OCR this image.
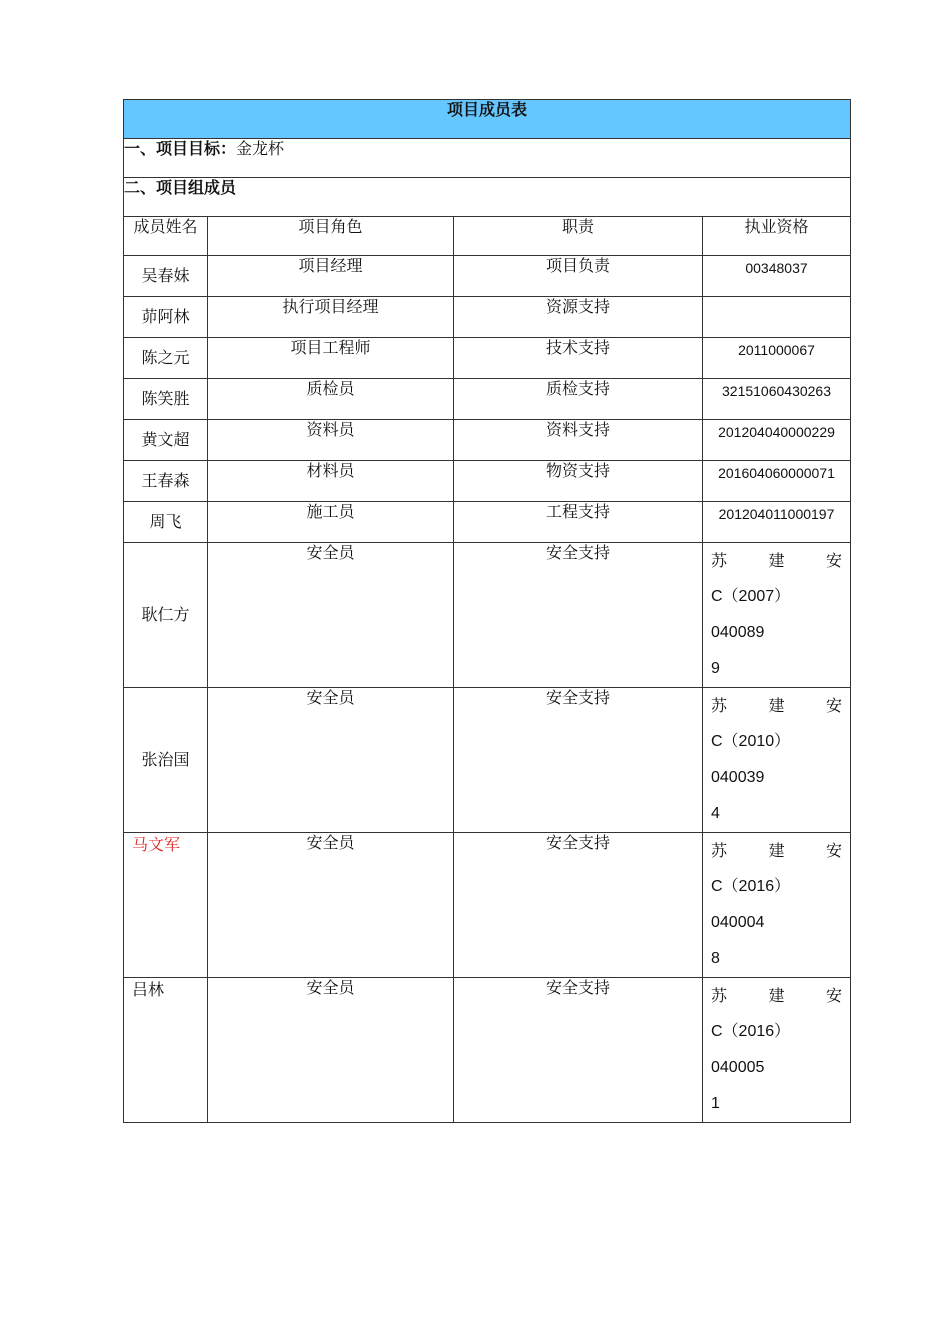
项目成员表			
一、项目目标：金龙杯			
二、项目组成员			
成员姓名	项目角色	职责	执业资格
吴春妹	项目经理	项目负责	00348037
茆阿林	执行项目经理	资源支持	
陈之元	项目工程师	技术支持	2011000067
陈笑胜	质检员	质检支持	32151060430263
黄文超	资料员	资料支持	201204040000229
王春森	材料员	物资支持	201604060000071
周飞	施工员	工程支持	201204011000197
耿仁方	安全员	安全支持	苏 建 安
C（2007）040089
9

张治国	安全员	安全支持	苏 建 安
C（2010）040039
4

马文军	安全员	安全支持	苏 建 安
C（2016）040004
8

吕林	安全员	安全支持	苏 建 安
C（2016）040005
1
